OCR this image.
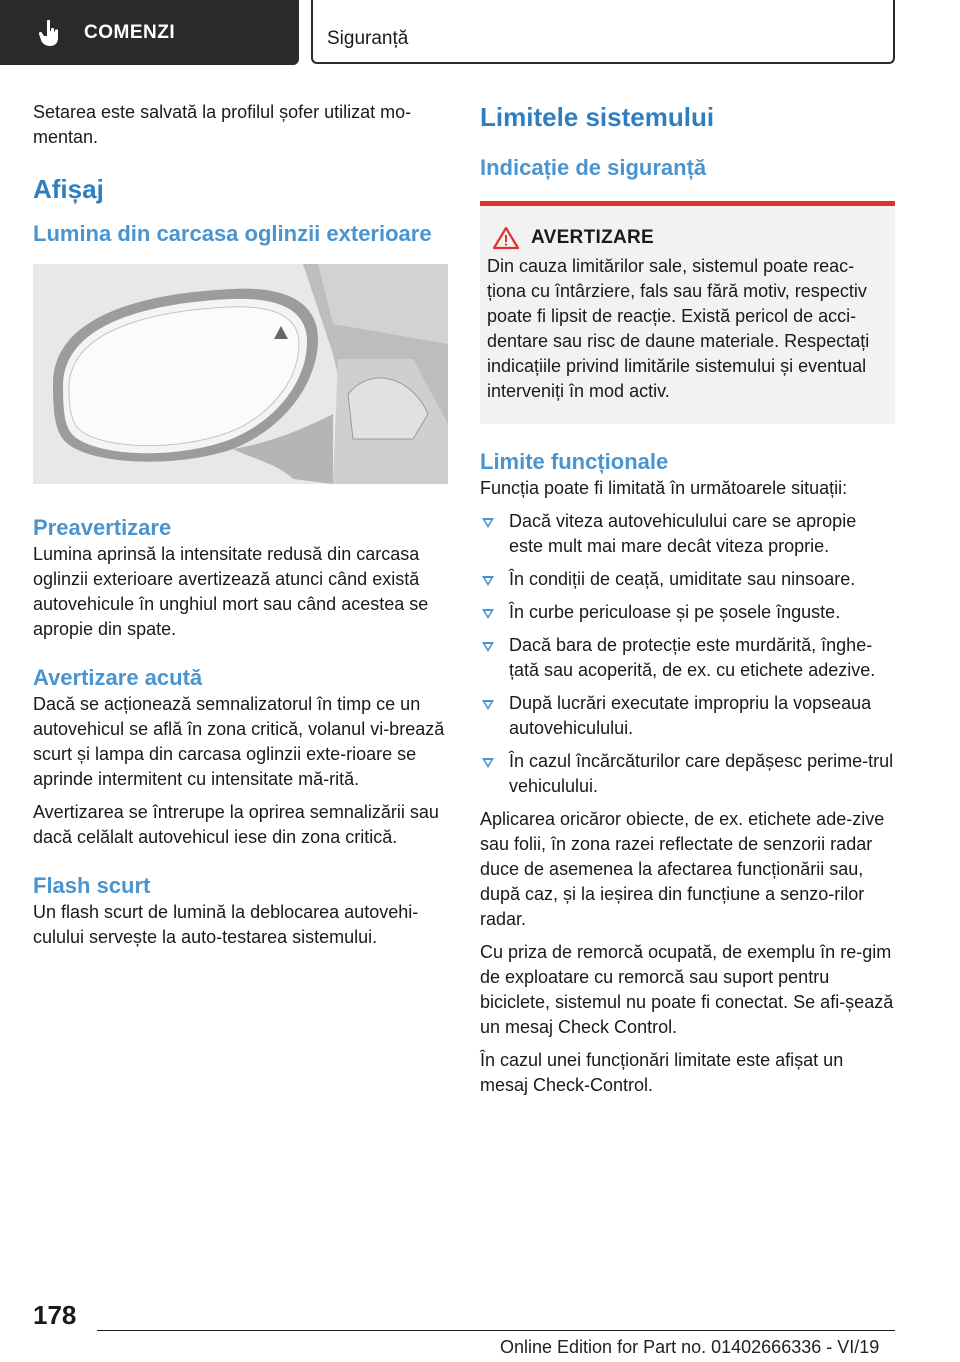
COMENZI	Siguranță

Setarea este salvată la profilul șofer utilizat mo-mentan.

Afișaj
Lumina din carcasa oglinzii exterioare
Preavertizare

Lumina aprinsă la intensitate redusă din carcasa oglinzii exterioare avertizează atunci când există autovehicule în unghiul mort sau când acestea se apropie din spate.

Avertizare acută

Dacă se acționează semnalizatorul în timp ce un autovehicul se află în zona critică, volanul vi-brează scurt și lampa din carcasa oglinzii exte-rioare se aprinde intermitent cu intensitate mă-rită.

Avertizarea se întrerupe la oprirea semnalizării sau dacă celălalt autovehicul iese din zona critică.

Flash scurt

Un flash scurt de lumină la deblocarea autovehi-culului servește la auto-testarea sistemului.

Limitele sistemului
Indicație de siguranță
AVERTIZARE

Din cauza limitărilor sale, sistemul poate reac-ționa cu întârziere, fals sau fără motiv, respectiv poate fi lipsit de reacție. Există pericol de acci-dentare sau risc de daune materiale. Respectați indicațiile privind limitările sistemului și eventual interveniți în mod activ.

Limite funcționale

Funcția poate fi limitată în următoarele situații:

Dacă viteza autovehiculului care se apropie este mult mai mare decât viteza proprie.
În condiții de ceață, umiditate sau ninsoare.
În curbe periculoase și pe șosele înguste.
Dacă bara de protecție este murdărită, înghe-țată sau acoperită, de ex. cu etichete adezive.
După lucrări executate impropriu la vopseaua autovehiculului.
În cazul încărcăturilor care depășesc perime-trul vehiculului.

Aplicarea oricăror obiecte, de ex. etichete ade-zive sau folii, în zona razei reflectate de senzorii radar duce de asemenea la afectarea funcționării sau, după caz, și la ieșirea din funcțiune a senzo-rilor radar.

Cu priza de remorcă ocupată, de exemplu în re-gim de exploatare cu remorcă sau suport pentru biciclete, sistemul nu poate fi conectat. Se afi-șează un mesaj Check Control.

În cazul unei funcționări limitate este afișat un mesaj Check-Control.

178
Online Edition for Part no. 01402666336 - VI/19
